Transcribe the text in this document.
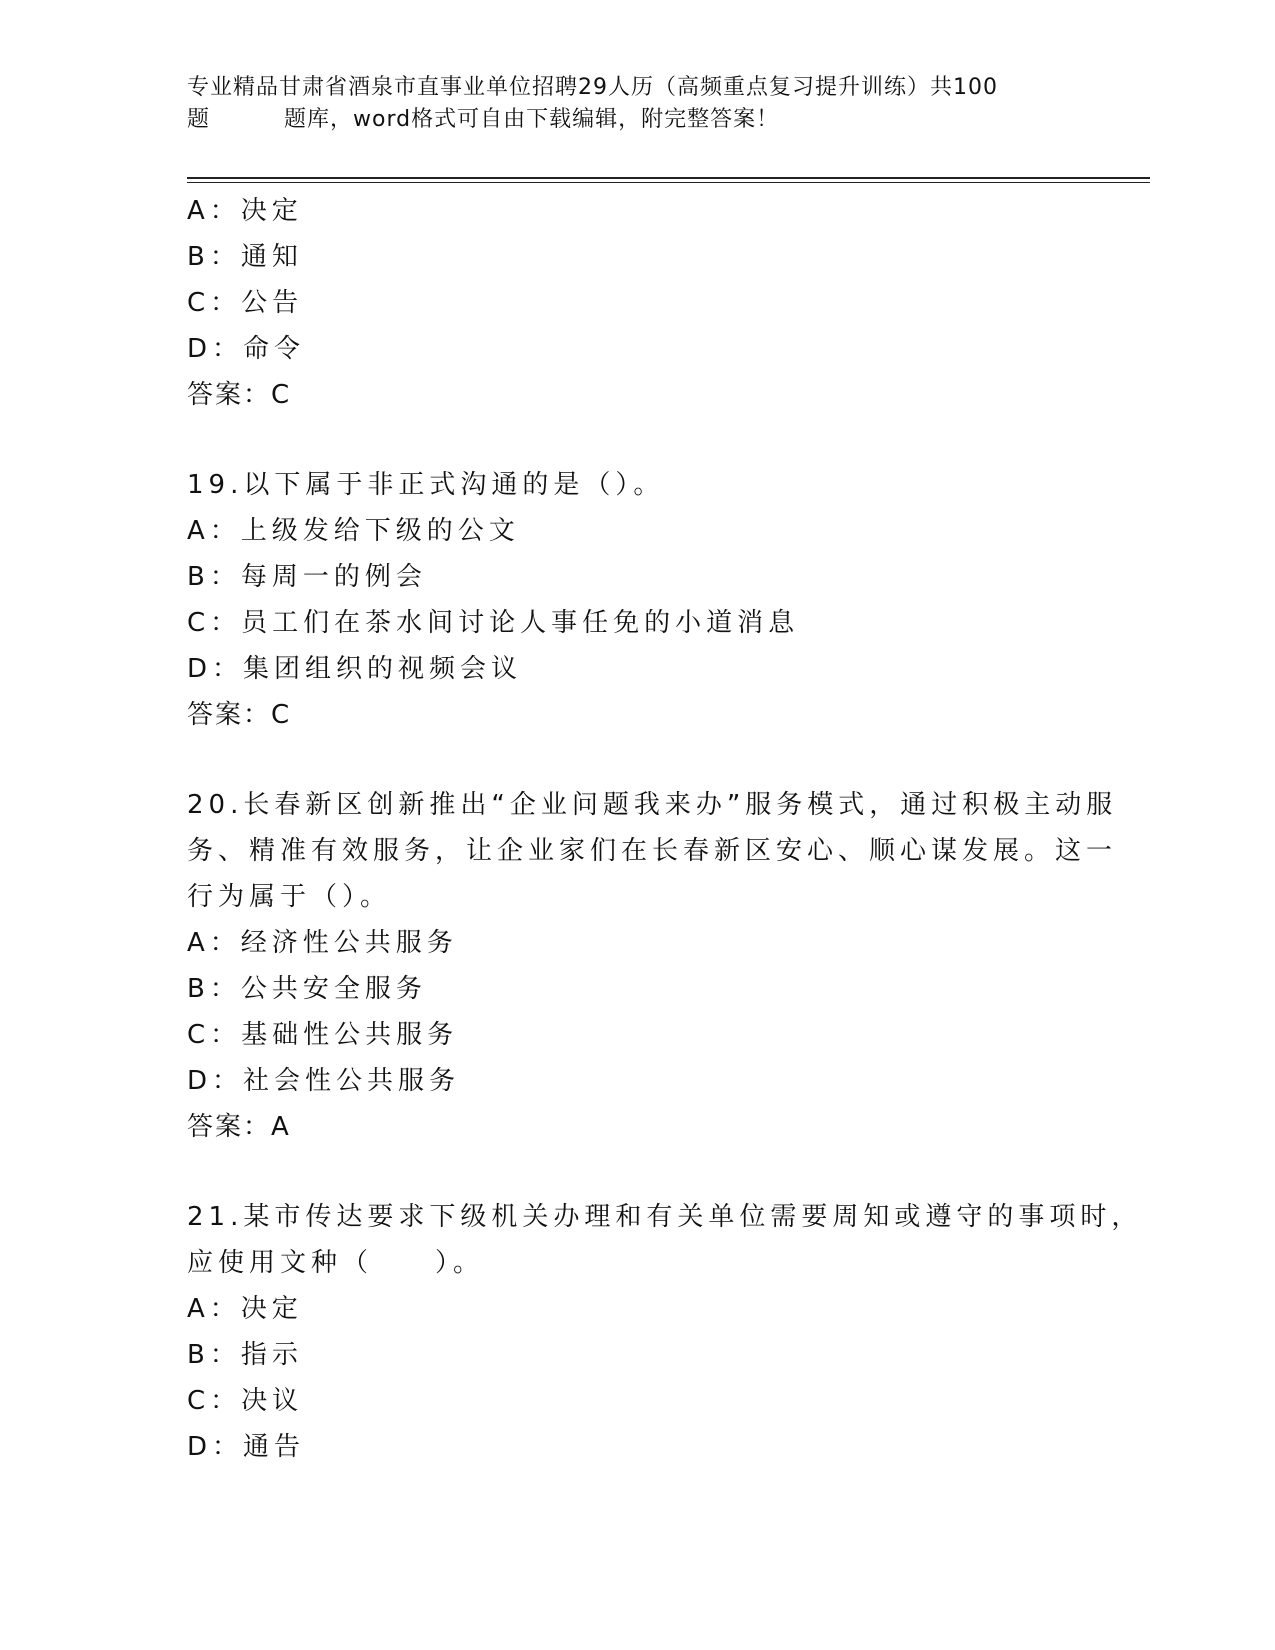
专业精品甘肃省酒泉市直事业单位招聘29人历（高频重点复习提升训练）共100
题	题库，word格式可自由下载编辑，附完整答案！
A：决定
B：通知
C：公告
D：命令
答案：C
19.以下属于非正式沟通的是（）。
A：上级发给下级的公文
B：每周一的例会
C：员工们在茶水间讨论人事任免的小道消息
D：集团组织的视频会议
答案：C
20.长春新区创新推出“企业问题我来办”服务模式，通过积极主动服
务、精准有效服务，让企业家们在长春新区安心、顺心谋发展。这一
行为属于（）。
A：经济性公共服务
B：公共安全服务
C：基础性公共服务
D：社会性公共服务
答案：A
21.某市传达要求下级机关办理和有关单位需要周知或遵守的事项时，
应使用文种（　　）。
A：决定
B：指示
C：决议
D：通告
